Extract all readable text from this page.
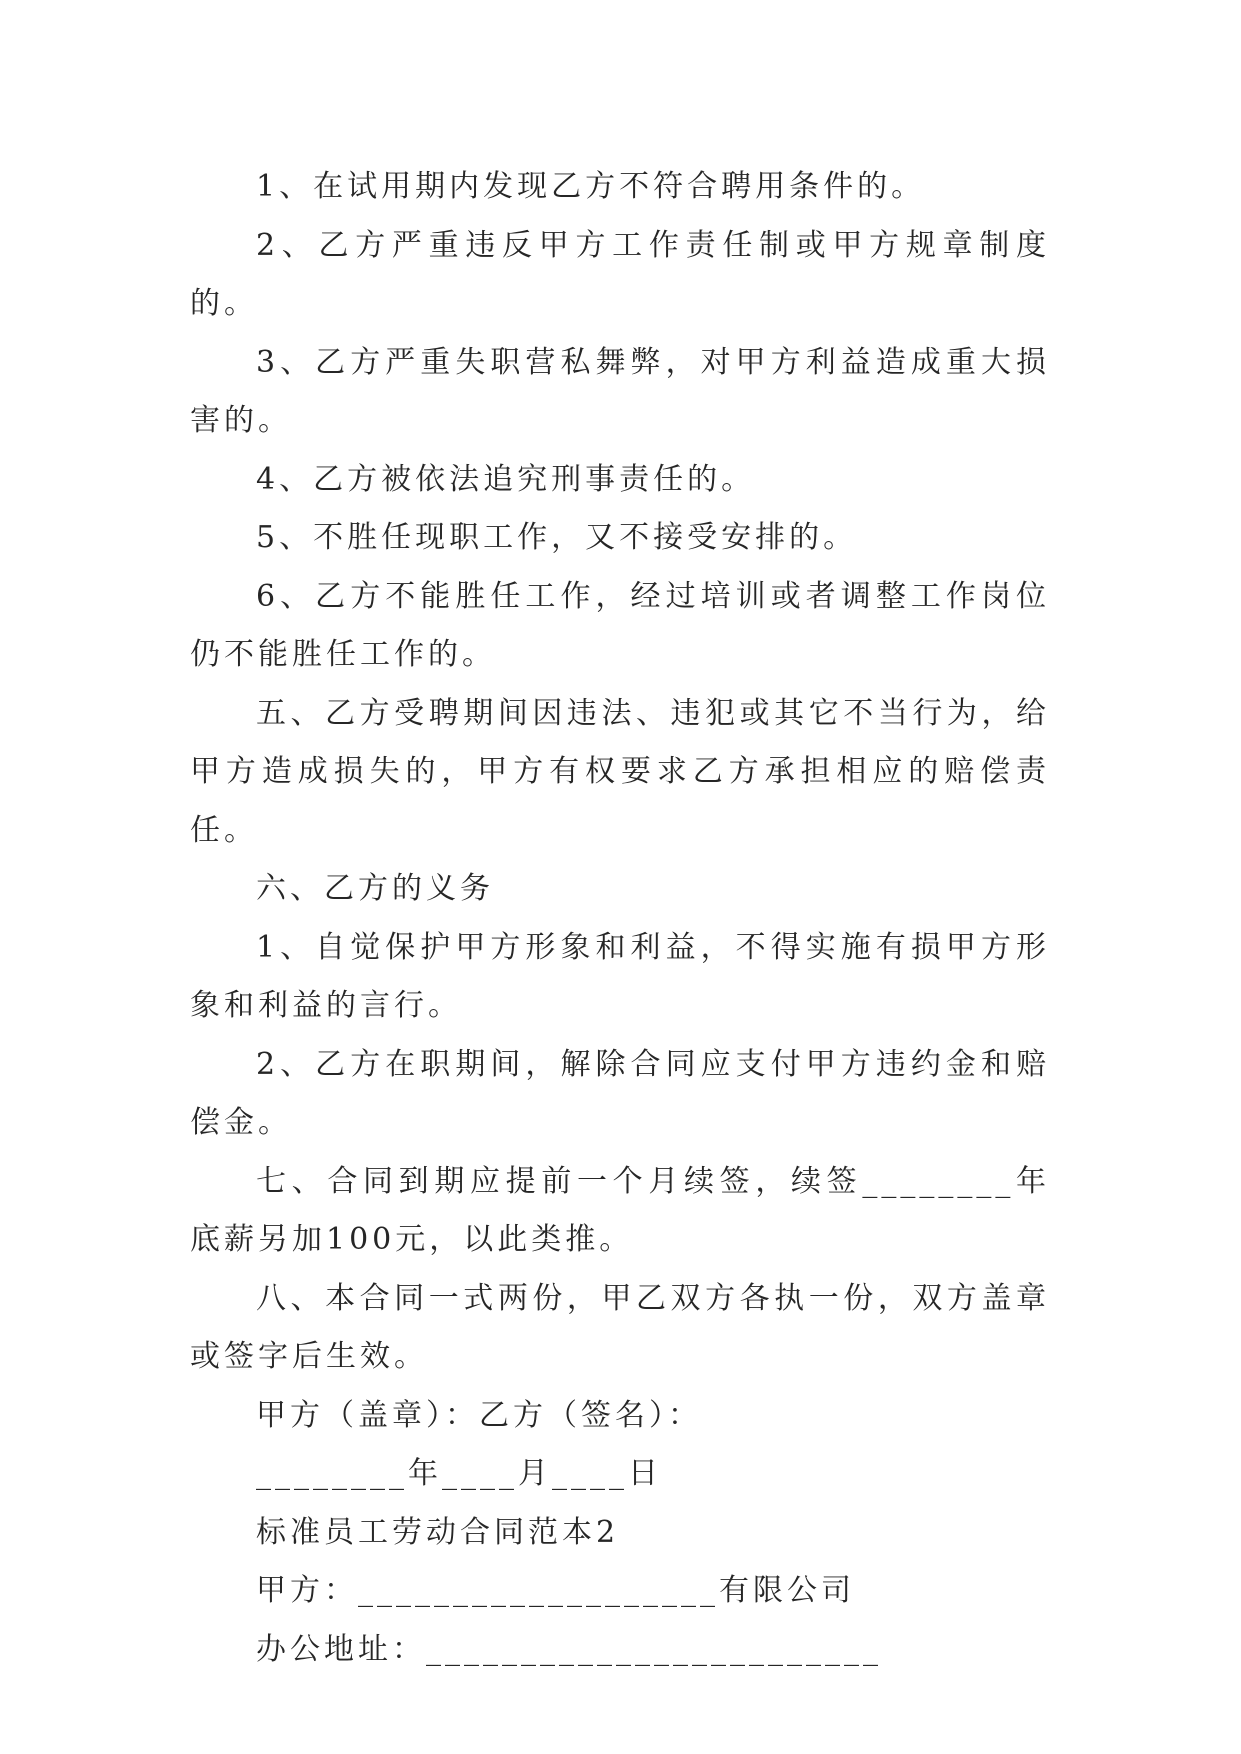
1、在试用期内发现乙方不符合聘用条件的。

2、乙方严重违反甲方工作责任制或甲方规章制度的。

3、乙方严重失职营私舞弊，对甲方利益造成重大损害的。

4、乙方被依法追究刑事责任的。

5、不胜任现职工作，又不接受安排的。

6、乙方不能胜任工作，经过培训或者调整工作岗位仍不能胜任工作的。

五、乙方受聘期间因违法、违犯或其它不当行为，给甲方造成损失的，甲方有权要求乙方承担相应的赔偿责任。

六、乙方的义务

1、自觉保护甲方形象和利益，不得实施有损甲方形象和利益的言行。

2、乙方在职期间，解除合同应支付甲方违约金和赔偿金。

七、合同到期应提前一个月续签，续签________年底薪另加100元，以此类推。

八、本合同一式两份，甲乙双方各执一份，双方盖章或签字后生效。

甲方（盖章）：乙方（签名）：

________年____月____日

标准员工劳动合同范本2

甲方：___________________有限公司

办公地址：________________________
